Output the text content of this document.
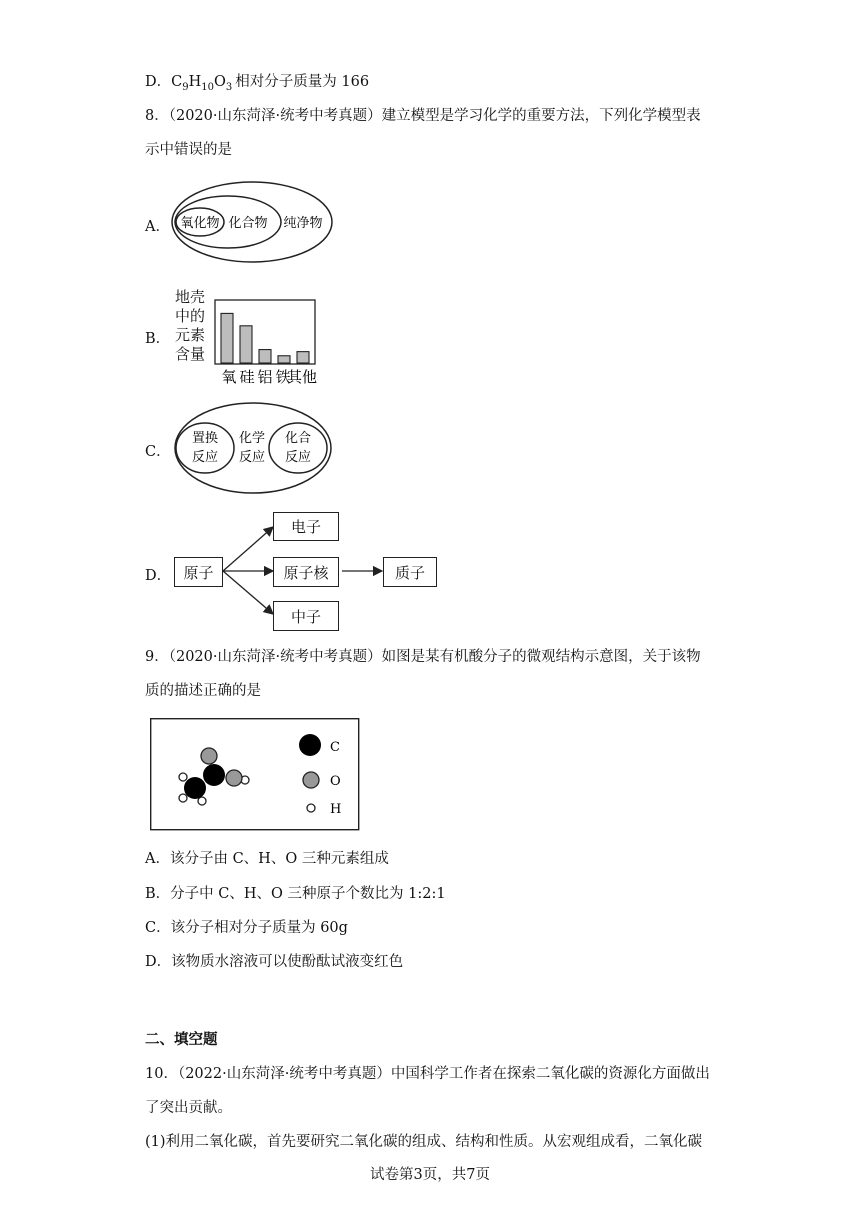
D．$C_9H_{10}O_3$ 相对分子质量为 166
8．（2020·山东菏泽·统考中考真题）建立模型是学习化学的重要方法，下列化学模型表
示中错误的是
A． 氧化物 化合物 纯净物
B．
地壳
中的
元素
含量
氧 硅 铝 铁
其他
C．
置换
反应
化学
反应
化合
反应
D． 原子
电子
原子核
中子
质子
9．（2020·山东菏泽·统考中考真题）如图是某有机酸分子的微观结构示意图，关于该物
质的描述正确的是
C
O
H
A．该分子由 C、H、O 三种元素组成
B．分子中 C、H、O 三种原子个数比为 1:2:1
C．该分子相对分子质量为 60g
D．该物质水溶液可以使酚酞试液变红色
二、填空题
10．（2022·山东菏泽·统考中考真题）中国科学工作者在探索二氧化碳的资源化方面做出
了突出贡献。
(1)利用二氧化碳，首先要研究二氧化碳的组成、结构和性质。从宏观组成看，二氧化碳
试卷第3页，共7页
